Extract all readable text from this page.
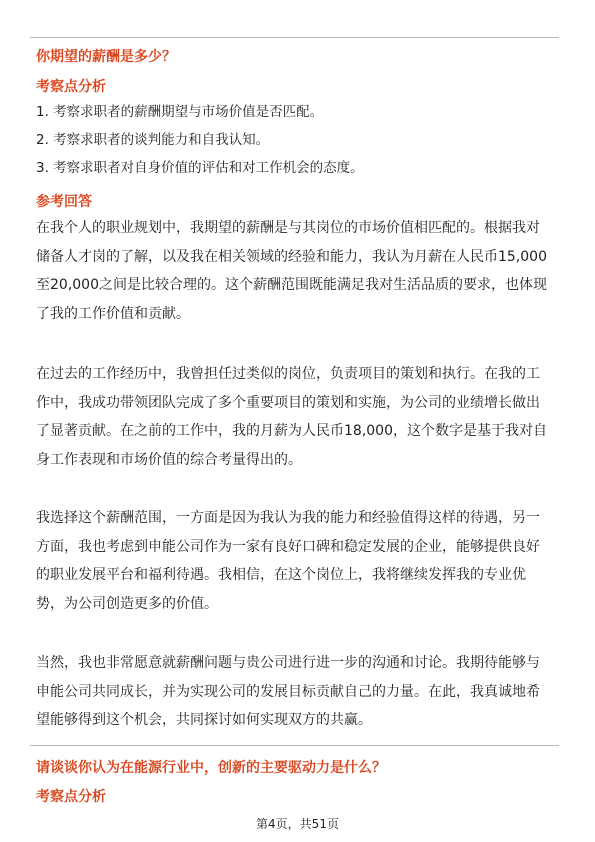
你期望的薪酬是多少？
考察点分析
1. 考察求职者的薪酬期望与市场价值是否匹配。
2. 考察求职者的谈判能力和自我认知。
3. 考察求职者对自身价值的评估和对工作机会的态度。
参考回答
在我个人的职业规划中，我期望的薪酬是与其岗位的市场价值相匹配的。根据我对
储备人才岗的了解，以及我在相关领域的经验和能力，我认为月薪在人民币15,000
至20,000之间是比较合理的。这个薪酬范围既能满足我对生活品质的要求，也体现
了我的工作价值和贡献。
在过去的工作经历中，我曾担任过类似的岗位，负责项目的策划和执行。在我的工
作中，我成功带领团队完成了多个重要项目的策划和实施，为公司的业绩增长做出
了显著贡献。在之前的工作中，我的月薪为人民币18,000，这个数字是基于我对自
身工作表现和市场价值的综合考量得出的。
我选择这个薪酬范围，一方面是因为我认为我的能力和经验值得这样的待遇，另一
方面，我也考虑到申能公司作为一家有良好口碑和稳定发展的企业，能够提供良好
的职业发展平台和福利待遇。我相信，在这个岗位上，我将继续发挥我的专业优
势，为公司创造更多的价值。
当然，我也非常愿意就薪酬问题与贵公司进行进一步的沟通和讨论。我期待能够与
申能公司共同成长，并为实现公司的发展目标贡献自己的力量。在此，我真诚地希
望能够得到这个机会，共同探讨如何实现双方的共赢。
请谈谈你认为在能源行业中，创新的主要驱动力是什么？
考察点分析
第4页，共51页
